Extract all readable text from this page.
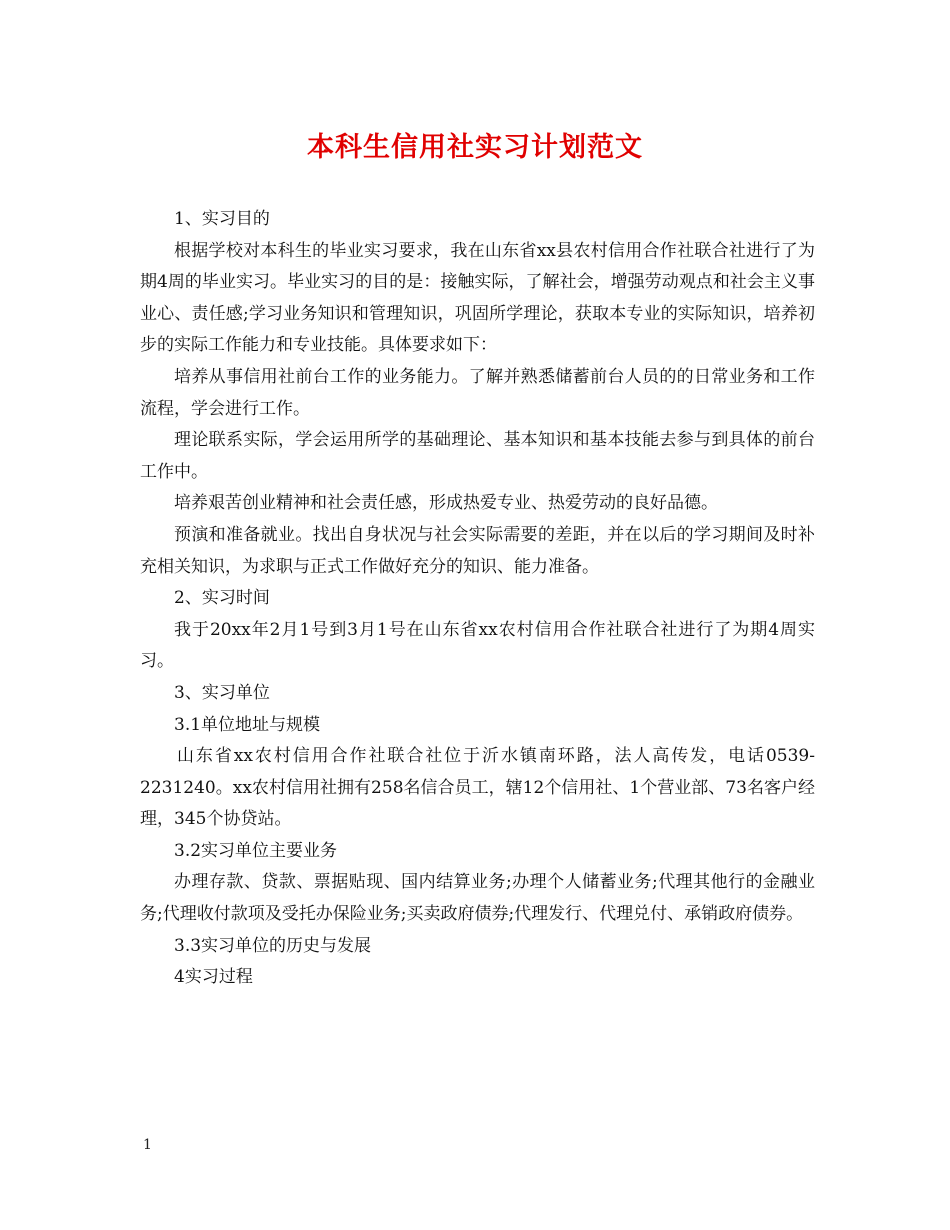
本科生信用社实习计划范文

1、实习目的

根据学校对本科生的毕业实习要求，我在山东省xx县农村信用合作社联合社进行了为期4周的毕业实习。毕业实习的目的是：接触实际，了解社会，增强劳动观点和社会主义事业心、责任感;学习业务知识和管理知识，巩固所学理论，获取本专业的实际知识，培养初步的实际工作能力和专业技能。具体要求如下：

培养从事信用社前台工作的业务能力。了解并熟悉储蓄前台人员的的日常业务和工作流程，学会进行工作。

理论联系实际，学会运用所学的基础理论、基本知识和基本技能去参与到具体的前台工作中。

培养艰苦创业精神和社会责任感，形成热爱专业、热爱劳动的良好品德。

预演和准备就业。找出自身状况与社会实际需要的差距，并在以后的学习期间及时补充相关知识，为求职与正式工作做好充分的知识、能力准备。

2、实习时间

我于20xx年2月1号到3月1号在山东省xx农村信用合作社联合社进行了为期4周实习。

3、实习单位

3.1单位地址与规模

山东省xx农村信用合作社联合社位于沂水镇南环路，法人高传发，电话0539-2231240。xx农村信用社拥有258名信合员工，辖12个信用社、1个营业部、73名客户经理，345个协贷站。

3.2实习单位主要业务

办理存款、贷款、票据贴现、国内结算业务;办理个人储蓄业务;代理其他行的金融业务;代理收付款项及受托办保险业务;买卖政府债券;代理发行、代理兑付、承销政府债券。

3.3实习单位的历史与发展

4实习过程

1
